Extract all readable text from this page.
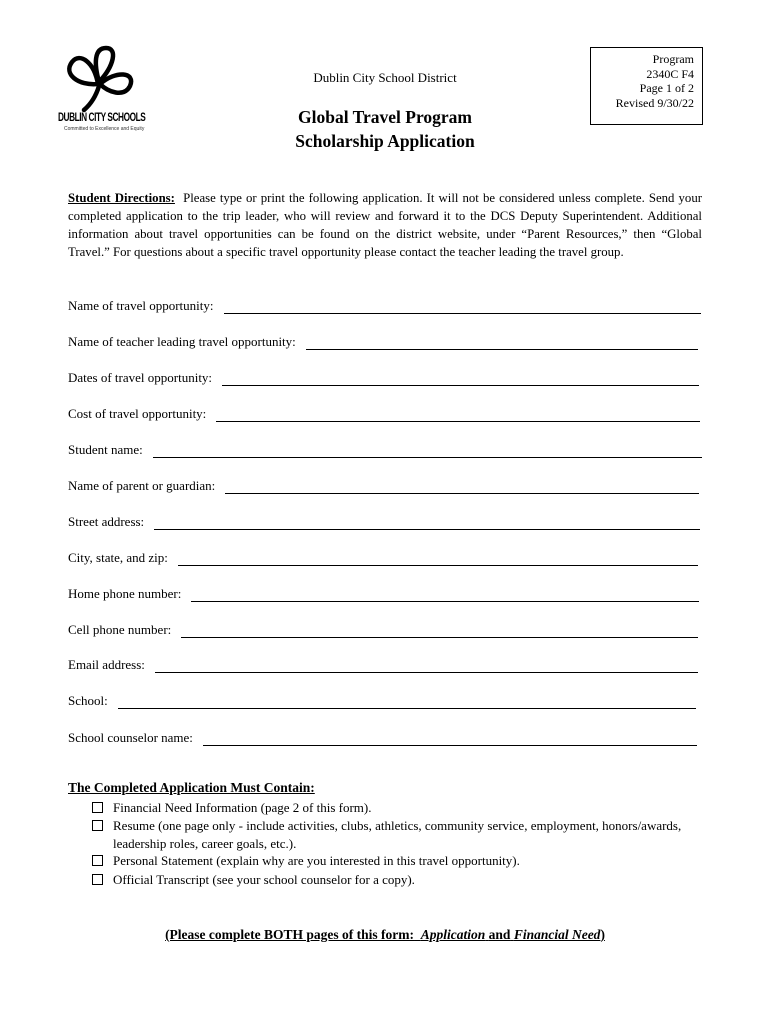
DUBLIN CITY SCHOOLS
Committed to Excellence and Equity
Dublin City School District
Global Travel Program
Scholarship Application
Program
2340C F4
Page 1 of 2
Revised 9/30/22
Student Directions: Please type or print the following application. It will not be considered unless complete. Send your completed application to the trip leader, who will review and forward it to the DCS Deputy Superintendent. Additional information about travel opportunities can be found on the district website, under “Parent Resources,” then “Global Travel.” For questions about a specific travel opportunity please contact the teacher leading the travel group.
Name of travel opportunity:
Name of teacher leading travel opportunity:
Dates of travel opportunity:
Cost of travel opportunity:
Student name:
Name of parent or guardian:
Street address:
City, state, and zip:
Home phone number:
Cell phone number:
Email address:
School:
School counselor name:
The Completed Application Must Contain:
Financial Need Information (page 2 of this form).
Resume (one page only - include activities, clubs, athletics, community service, employment, honors/awards, leadership roles, career goals, etc.).
Personal Statement (explain why are you interested in this travel opportunity).
Official Transcript (see your school counselor for a copy).
(Please complete BOTH pages of this form: Application and Financial Need)
